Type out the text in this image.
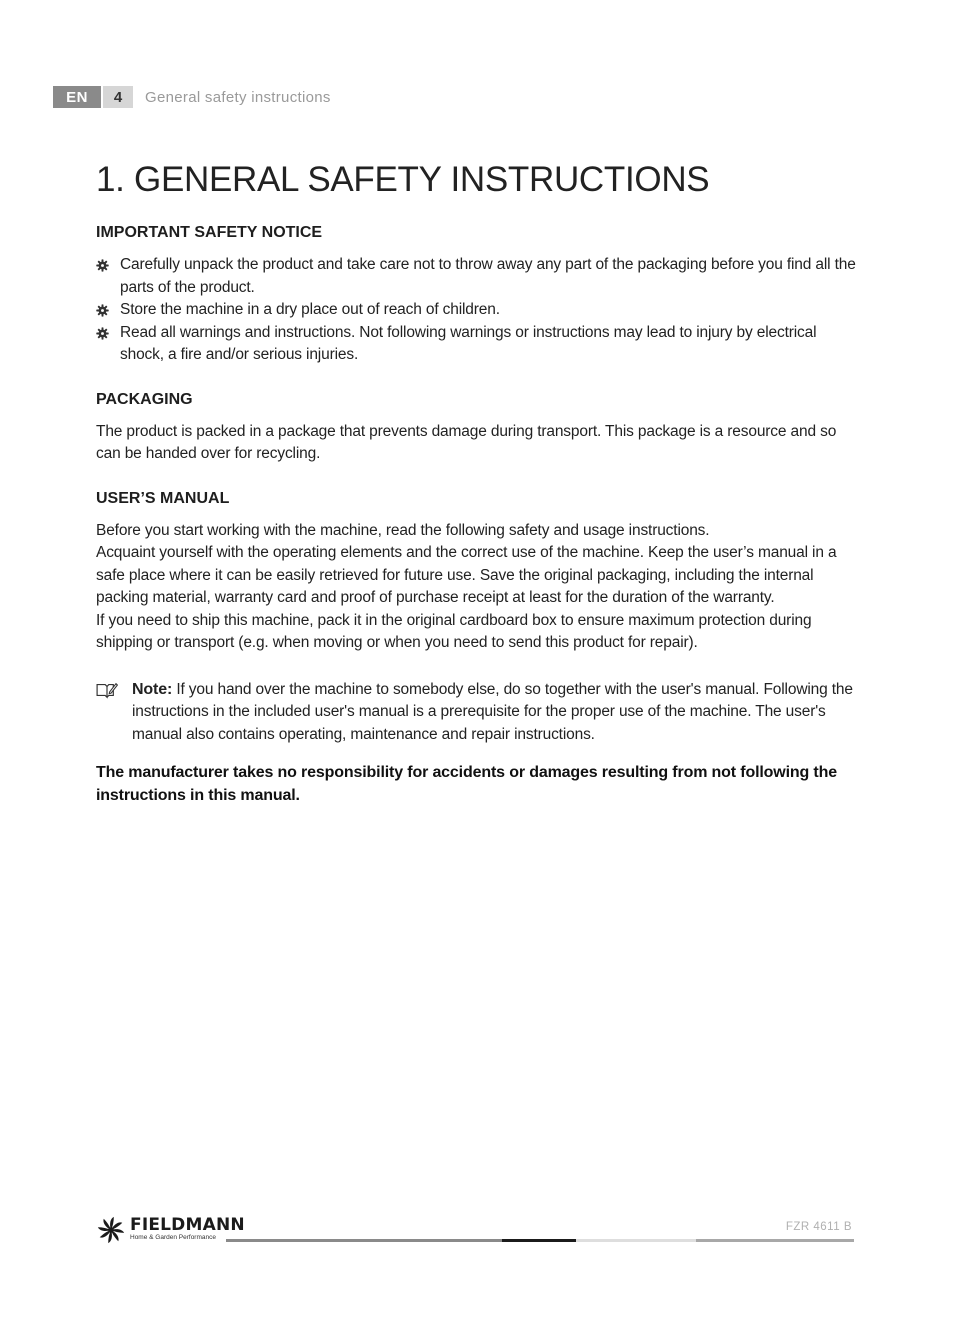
EN	4	General safety instructions
1. GENERAL SAFETY INSTRUCTIONS
IMPORTANT SAFETY NOTICE
Carefully unpack the product and take care not to throw away any part of the packaging before you find all the parts of the product.
Store the machine in a dry place out of reach of children.
Read all warnings and instructions. Not following warnings or instructions may lead to injury by electrical shock, a fire and/or serious injuries.
PACKAGING

The product is packed in a package that prevents damage during transport. This package is a resource and so can be handed over for recycling.

USER’S MANUAL

Before you start working with the machine, read the following safety and usage instructions.

Acquaint yourself with the operating elements and the correct use of the machine. Keep the user’s manual in a safe place where it can be easily retrieved for future use. Save the original packaging, including the internal packing material, warranty card and proof of purchase receipt at least for the duration of the warranty.

If you need to ship this machine, pack it in the original cardboard box to ensure maximum protection during shipping or transport (e.g. when moving or when you need to send this product for repair).

Note: If you hand over the machine to somebody else, do so together with the user's manual. Following the instructions in the included user's manual is a prerequisite for the proper use of the machine. The user's manual also contains operating, maintenance and repair instructions.

The manufacturer takes no responsibility for accidents or damages resulting from not following the instructions in this manual.

FIELDMANN
Home & Garden Performance
FZR 4611 B
